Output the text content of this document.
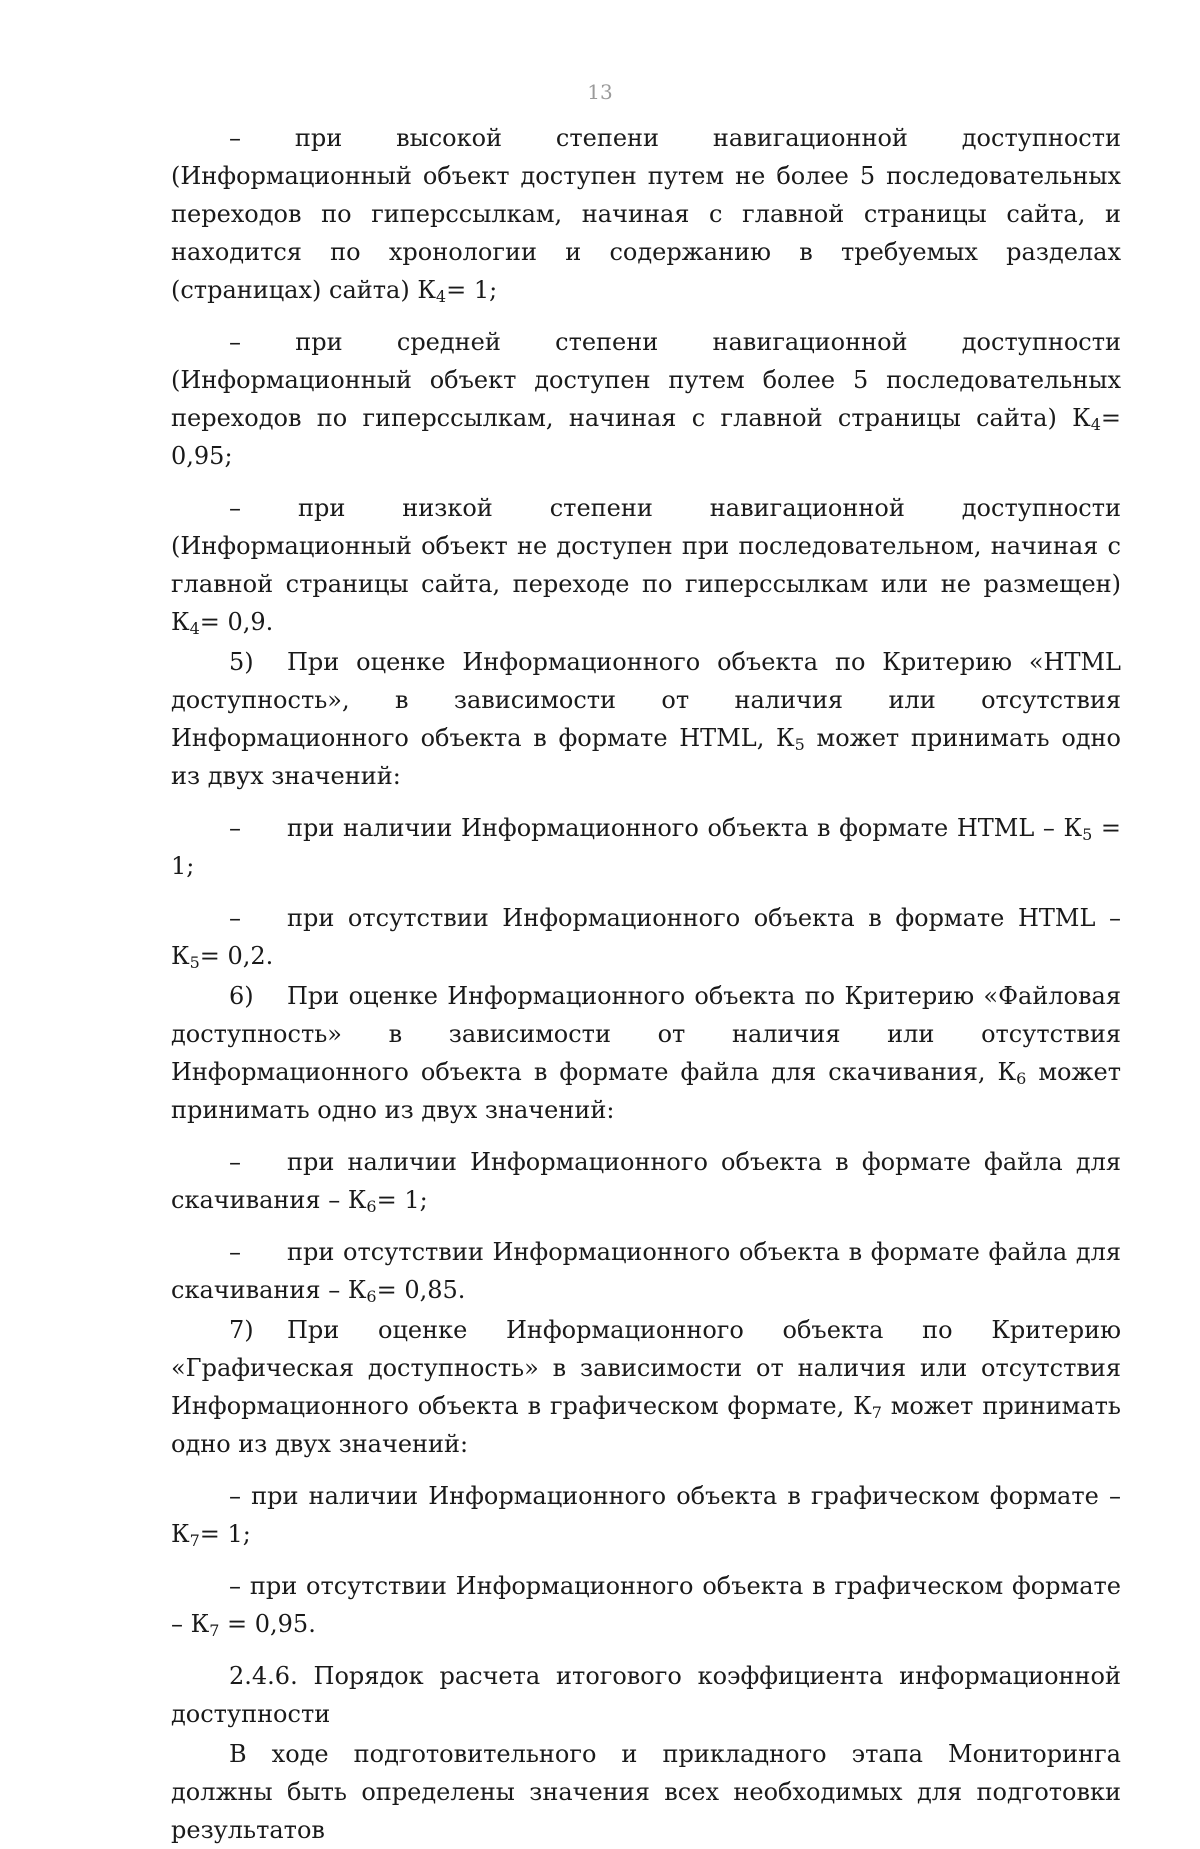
13

– при высокой степени навигационной доступности (Информационный объект доступен путем не более 5 последовательных переходов по гиперссылкам, начиная с главной страницы сайта, и находится по хронологии и содержанию в требуемых разделах (страницах) сайта) $К_4= 1$;

– при средней степени навигационной доступности (Информационный объект доступен путем более 5 последовательных переходов по гиперссылкам, начиная с главной страницы сайта) $К_4= 0,95$;

– при низкой степени навигационной доступности (Информационный объект не доступен при последовательном, начиная с главной страницы сайта, переходе по гиперссылкам или не размещен) $К_4= 0,9$.

5) При оценке Информационного объекта по Критерию «HTML доступность», в зависимости от наличия или отсутствия Информационного объекта в формате HTML, $К_5$ может принимать одно из двух значений:

– при наличии Информационного объекта в формате HTML – $К_5 = 1$;

– при отсутствии Информационного объекта в формате HTML – $К_5= 0,2$.

6) При оценке Информационного объекта по Критерию «Файловая доступность» в зависимости от наличия или отсутствия Информационного объекта в формате файла для скачивания, $К_6$ может принимать одно из двух значений:

– при наличии Информационного объекта в формате файла для скачивания – $К_6= 1$;

– при отсутствии Информационного объекта в формате файла для скачивания – $К_6= 0,85$.

7) При оценке Информационного объекта по Критерию «Графическая доступность» в зависимости от наличия или отсутствия Информационного объекта в графическом формате, $К_7$ может принимать одно из двух значений:

– при наличии Информационного объекта в графическом формате – $К_7= 1$;

– при отсутствии Информационного объекта в графическом формате – $К_7 = 0,95$.

2.4.6. Порядок расчета итогового коэффициента информационной доступности

В ходе подготовительного и прикладного этапа Мониторинга должны быть определены значения всех необходимых для подготовки результатов
